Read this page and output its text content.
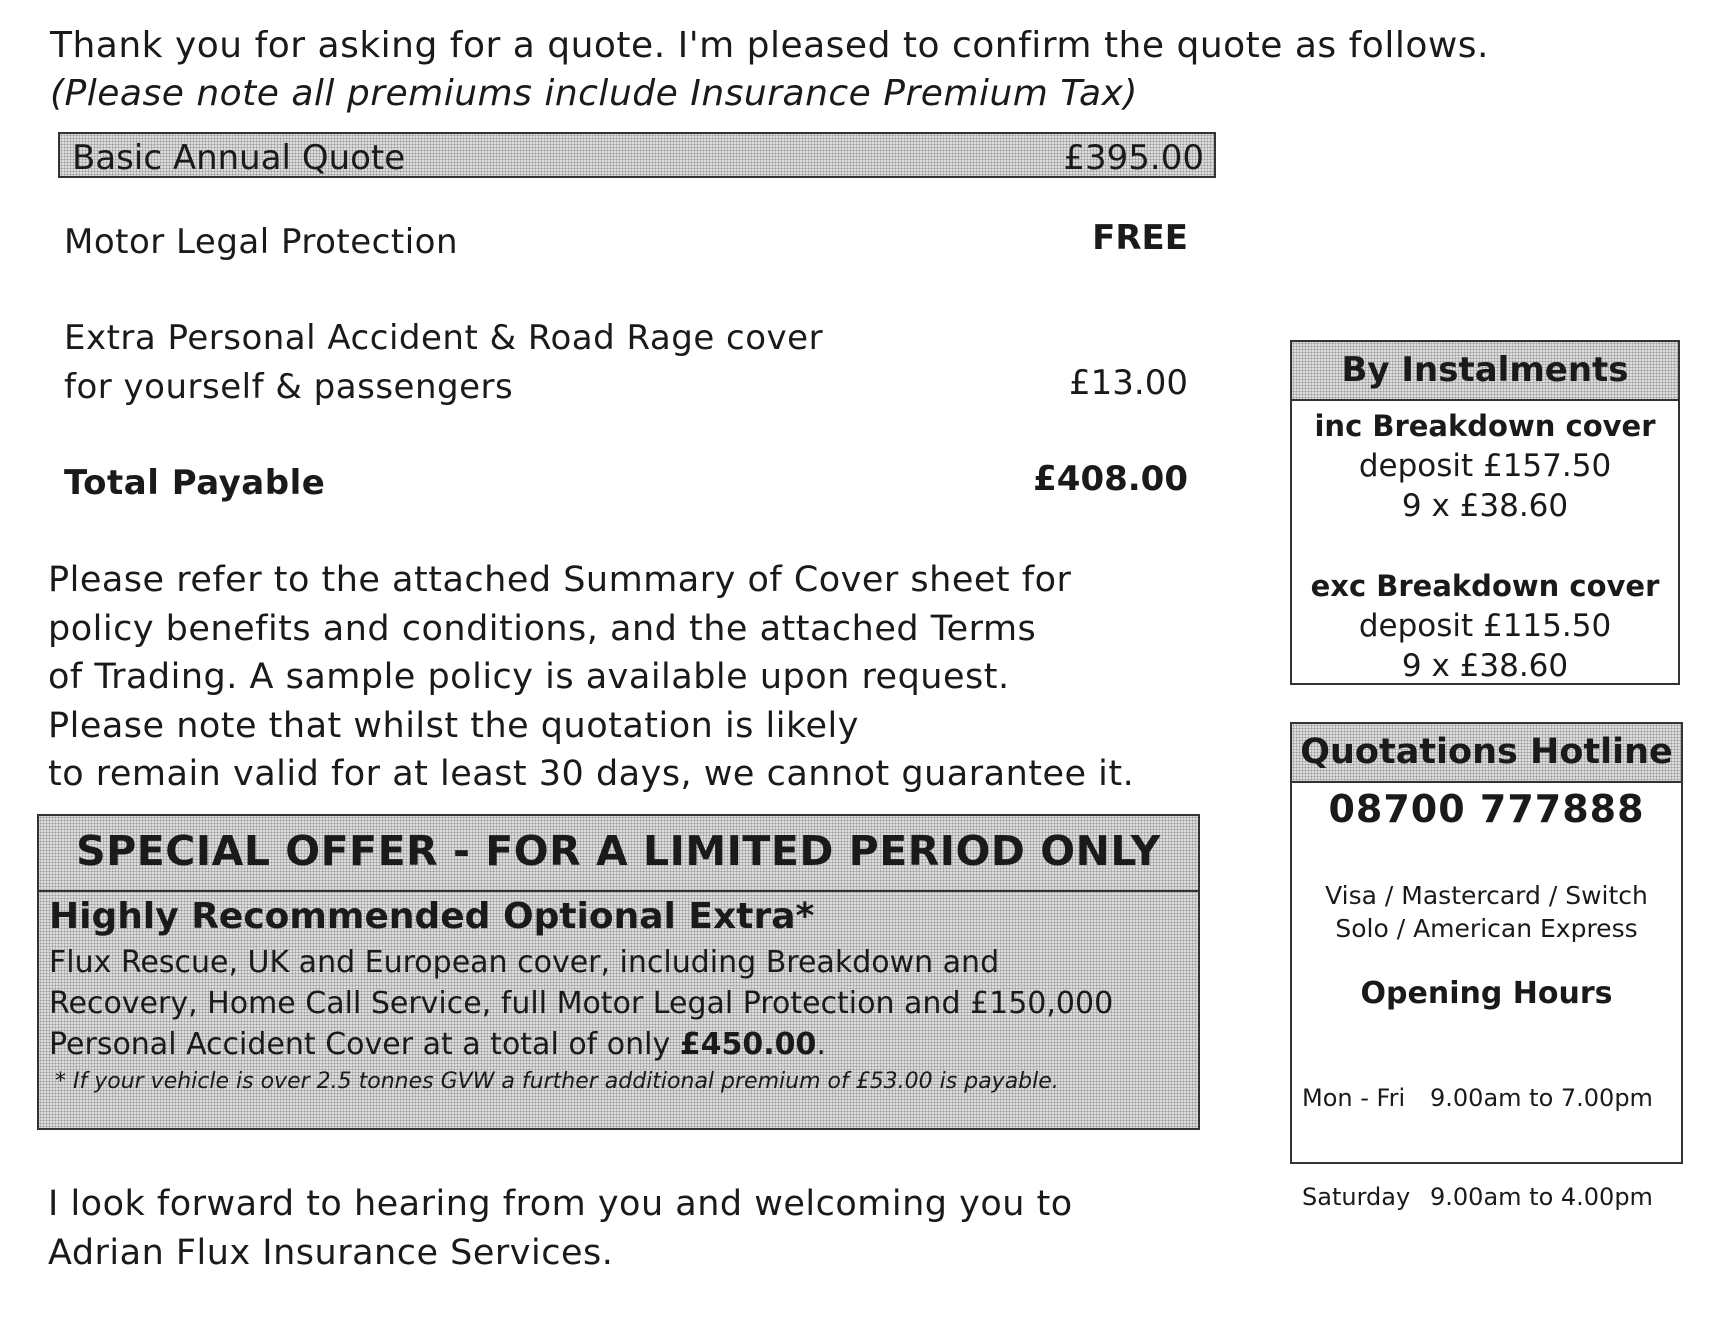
Thank you for asking for a quote. I'm pleased to confirm the quote as follows.
(Please note all premiums include Insurance Premium Tax)
Basic Annual Quote	£395.00
Motor Legal Protection	FREE
Extra Personal Accident & Road Rage cover
for yourself & passengers	£13.00
Total Payable	£408.00
Please refer to the attached Summary of Cover sheet for
policy benefits and conditions, and the attached Terms
of Trading. A sample policy is available upon request.
Please note that whilst the quotation is likely
to remain valid for at least 30 days, we cannot guarantee it.
SPECIAL OFFER - FOR A LIMITED PERIOD ONLY
Highly Recommended Optional Extra*
Flux Rescue, UK and European cover, including Breakdown and
Recovery, Home Call Service, full Motor Legal Protection and £150,000
Personal Accident Cover at a total of only £450.00.
* If your vehicle is over 2.5 tonnes GVW a further additional premium of £53.00 is payable.
I look forward to hearing from you and welcoming you to
Adrian Flux Insurance Services.
By Instalments
inc Breakdown cover
deposit £157.50
9 x £38.60
exc Breakdown cover
deposit £115.50
9 x £38.60
Quotations Hotline
08700 777888
Visa / Mastercard / Switch
Solo / American Express
Opening Hours

Mon - Fri 9.00am to 7.00pm

Saturday 9.00am to 4.00pm
